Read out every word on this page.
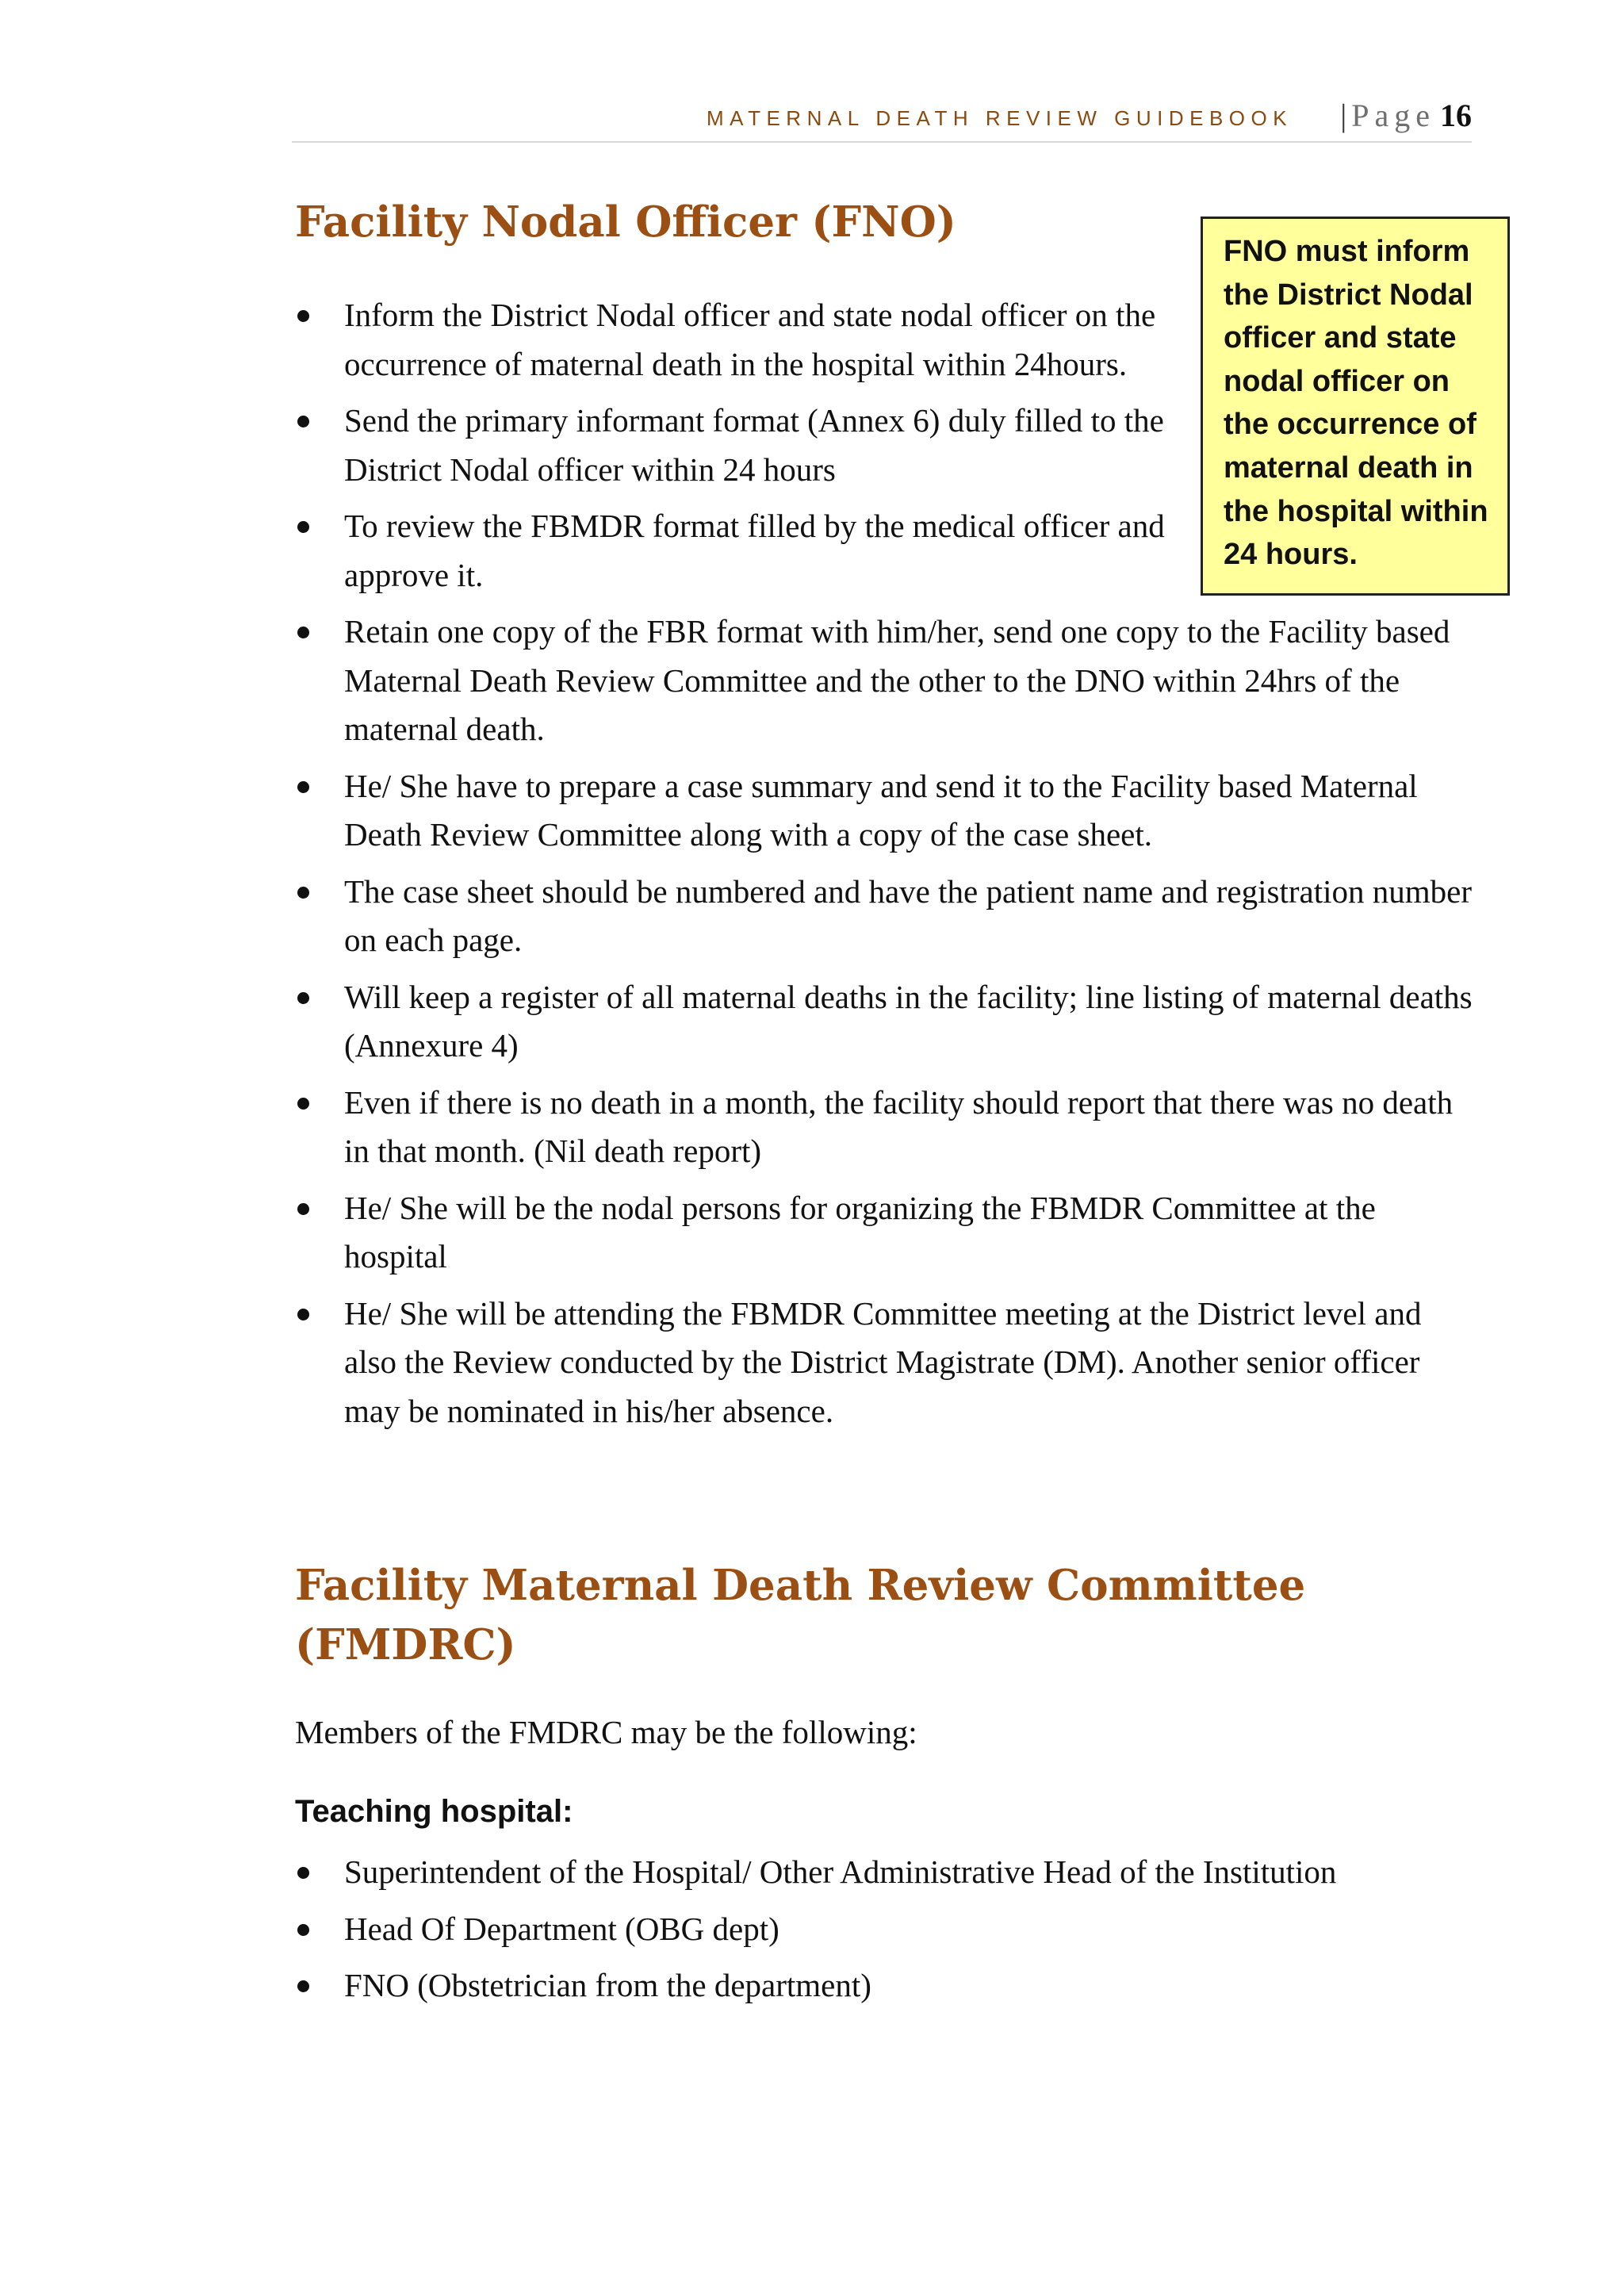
MATERNAL DEATH REVIEW GUIDEBOOK | Page 16
Facility Nodal Officer (FNO)
FNO must inform the District Nodal officer and state nodal officer on the occurrence of maternal death in the hospital within 24 hours.
Inform the District Nodal officer and state nodal officer on the occurrence of maternal death in the hospital within 24hours.
Send the primary informant format (Annex 6) duly filled to the District Nodal officer within 24 hours
To review the FBMDR format filled by the medical officer and approve it.
Retain one copy of the FBR format with him/her, send one copy to the Facility based Maternal Death Review Committee and the other to the DNO within 24hrs of the maternal death.
He/ She have to prepare a case summary and send it to the Facility based Maternal Death Review Committee along with a copy of the case sheet.
The case sheet should be numbered and have the patient name and registration number on each page.
Will keep a register of all maternal deaths in the facility; line listing of maternal deaths (Annexure 4)
Even if there is no death in a month, the facility should report that there was no death in that month. (Nil death report)
He/ She will be the nodal persons for organizing the FBMDR Committee at the hospital
He/ She will be attending the FBMDR Committee meeting at the District level and also the Review conducted by the District Magistrate (DM). Another senior officer may be nominated in his/her absence.
Facility Maternal Death Review Committee (FMDRC)

Members of the FMDRC may be the following:

Teaching hospital:
Superintendent of the Hospital/ Other Administrative Head of the Institution
Head Of Department (OBG dept)
FNO (Obstetrician from the department)
